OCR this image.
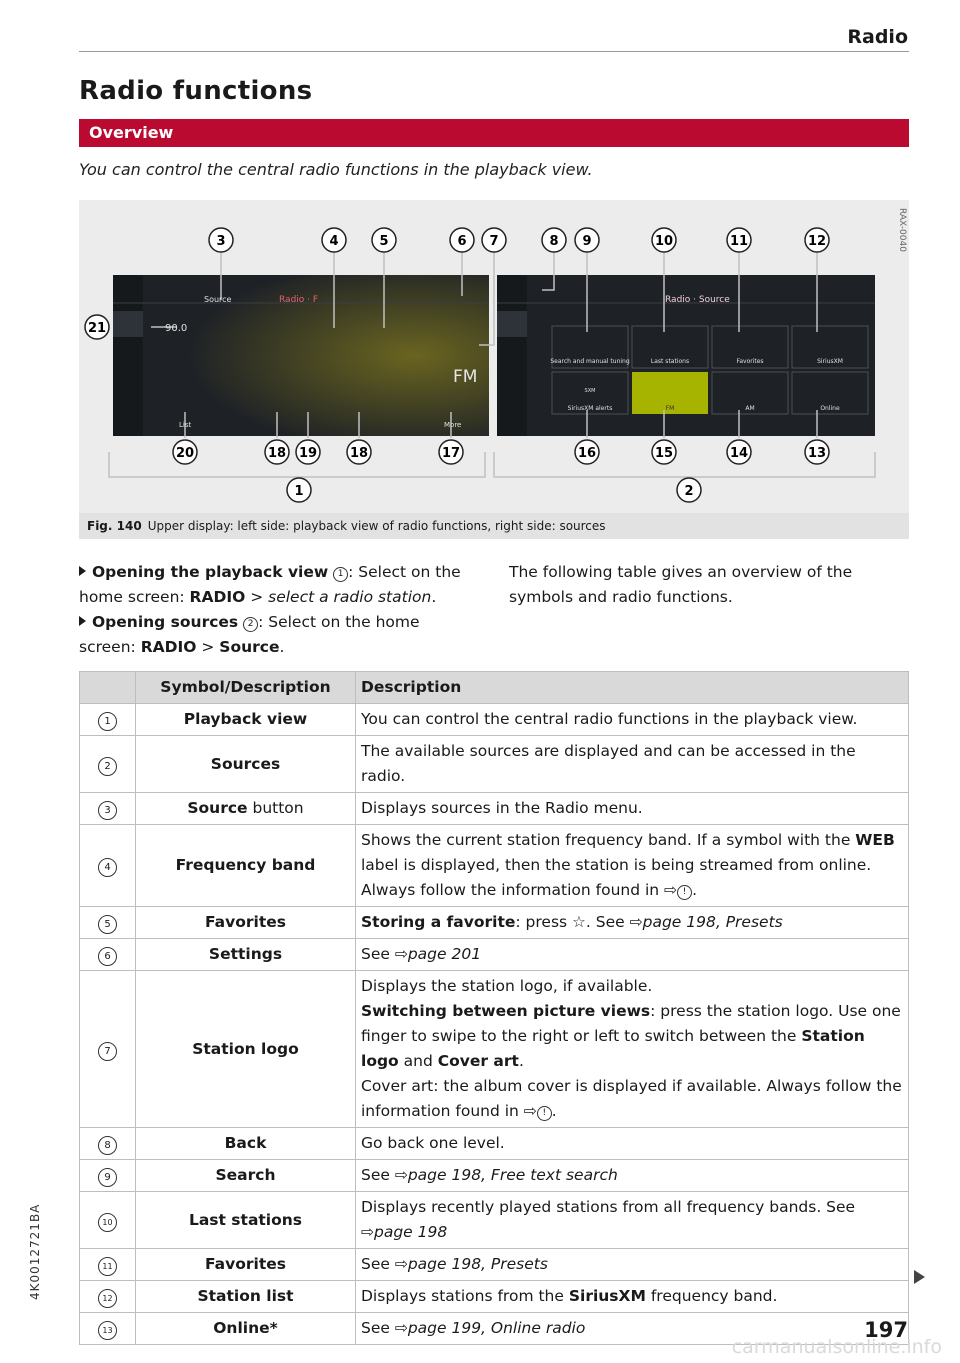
Radio
Radio functions
Overview
You can control the central radio functions in the playback view.
RAX-0040
FM
3	4	5	6 7	8 9	10	11	12
21
20	18 19	18	17	16	15	14	13
1	2
Source	Radio · F
90.0
List	More
Radio · Source
Search and manual tuning	Last stations	Favorites	SiriusXM
SXM
SiriusXM alerts	FM	AM	Online
Fig. 140 Upper display: left side: playback view of radio functions, right side: sources

Opening the playback view 1 : Select on the home screen: RADIO > select a radio station.

Opening sources 2 : Select on the home screen: RADIO > Source.

The following table gives an overview of the symbols and radio functions.

	Symbol/Description	Description
1	Playback view	You can control the central radio functions in the playback view.
2	Sources	The available sources are displayed and can be accessed in the radio.
3	Source button	Displays sources in the Radio menu.
4	Frequency band	Shows the current station frequency band. If a symbol with the WEB label is displayed, then the station is being streamed from online. Always follow the information found in ⇨ ! .
5	Favorites	Storing a favorite: press ☆. See ⇨page 198, Presets
6	Settings	See ⇨page 201
7	Station logo	Displays the station logo, if available.
Switching between picture views: press the station logo. Use one finger to swipe to the right or left to switch between the Station logo and Cover art.
Cover art: the album cover is displayed if available. Always follow the information found in ⇨ ! .

8	Back	Go back one level.
9	Search	See ⇨page 198, Free text search
10	Last stations	Displays recently played stations from all frequency bands. See ⇨page 198
11	Favorites	See ⇨page 198, Presets
12	Station list	Displays stations from the SiriusXM frequency band.
13	Online*	See ⇨page 199, Online radio
4K0012721BA
197
carmanualsonline.info
